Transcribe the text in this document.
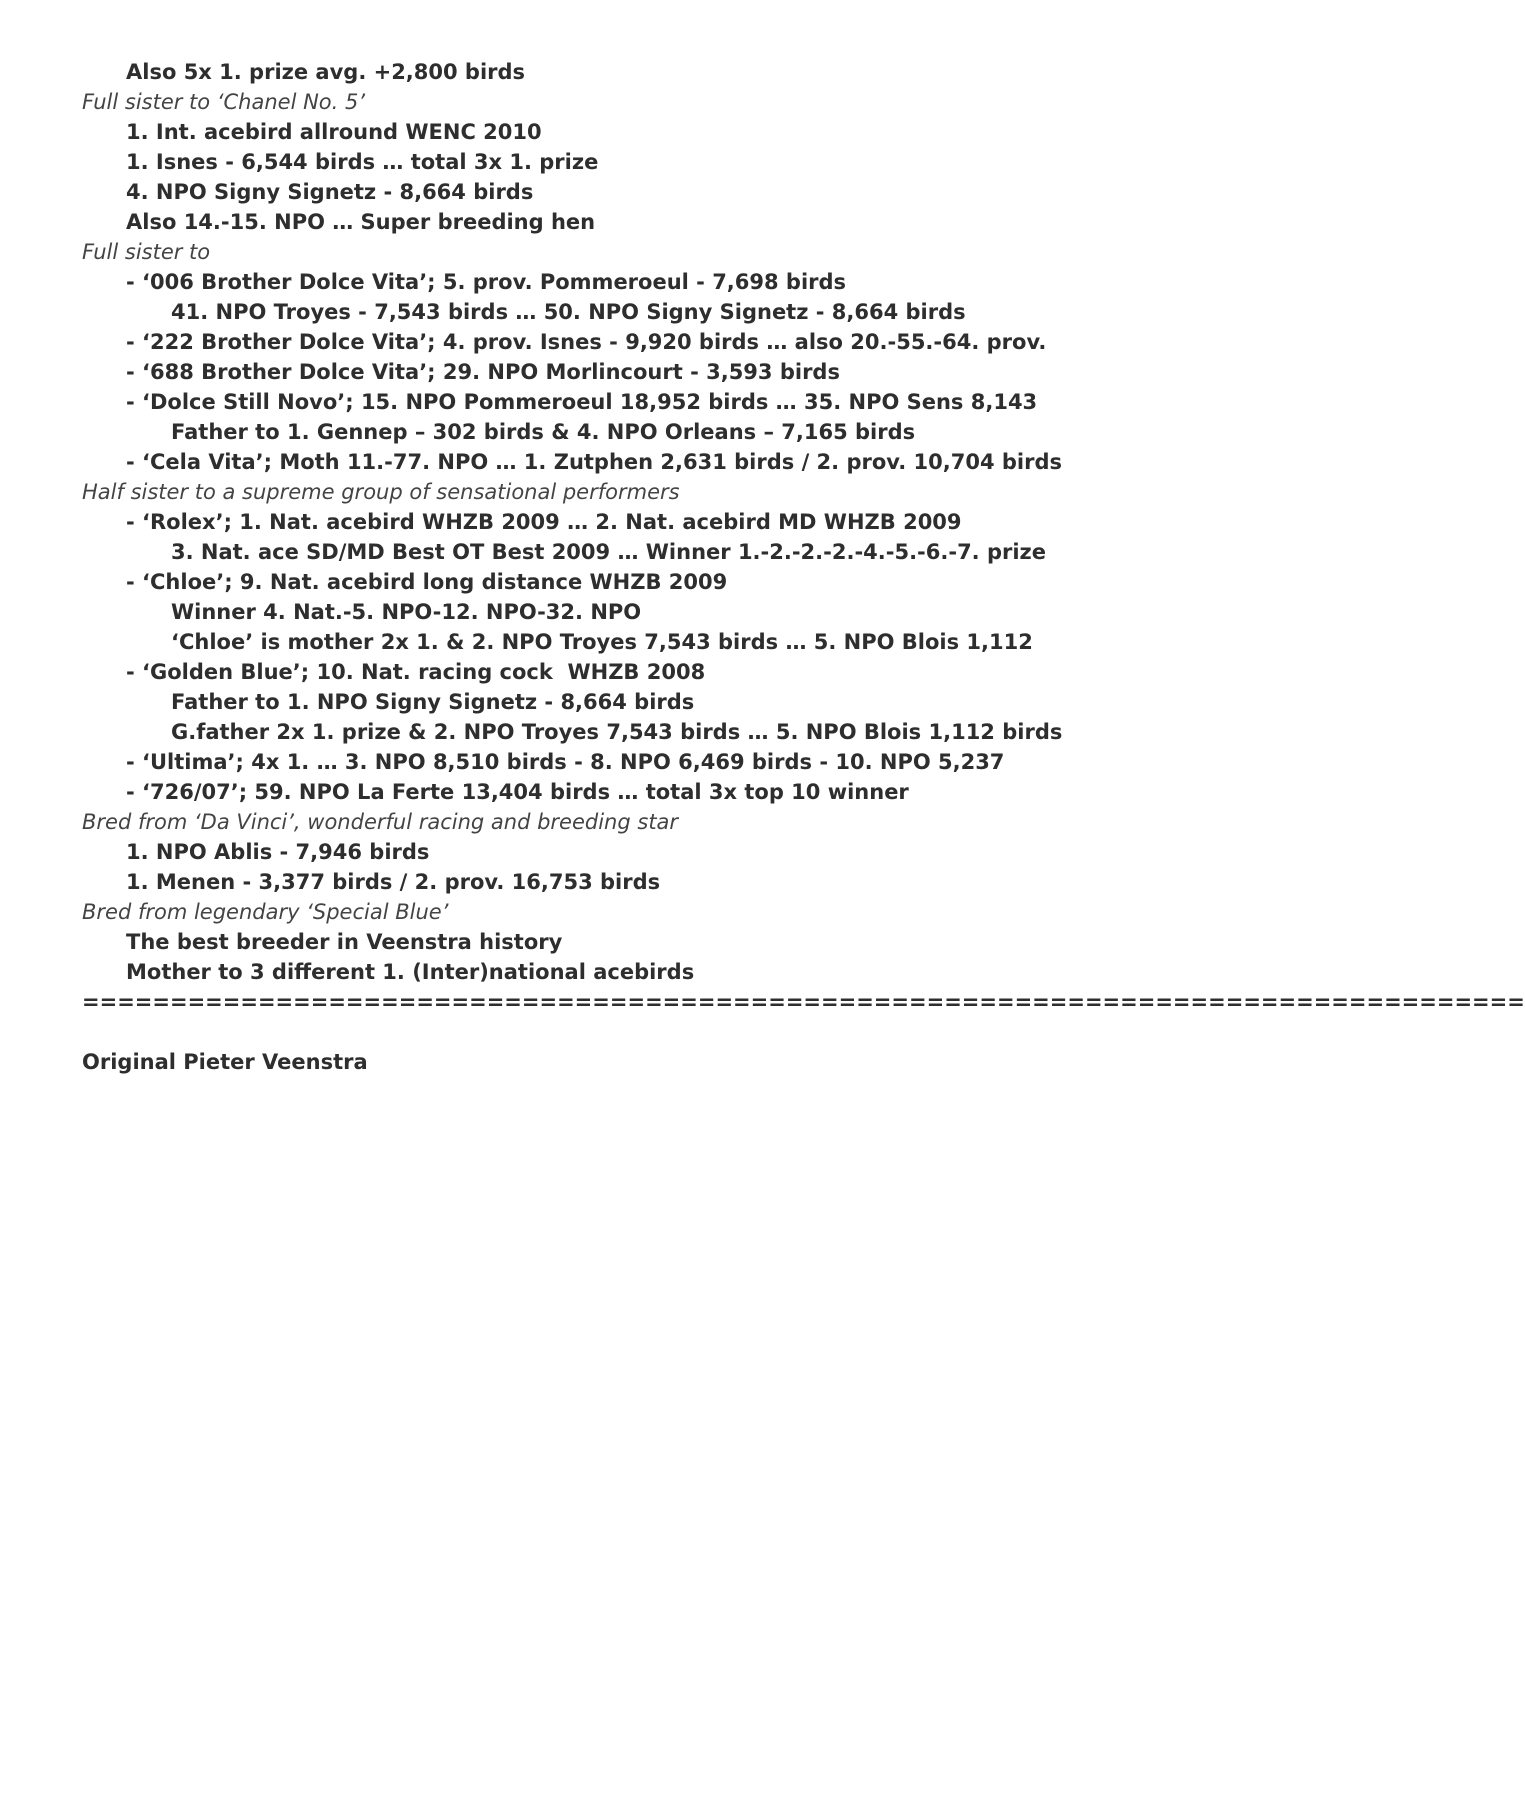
Also 5x 1. prize avg. +2,800 birds
Full sister to ‘Chanel No. 5’
1. Int. acebird allround WENC 2010
1. Isnes - 6,544 birds … total 3x 1. prize
4. NPO Signy Signetz - 8,664 birds
Also 14.-15. NPO … Super breeding hen
Full sister to
- ‘006 Brother Dolce Vita’; 5. prov. Pommeroeul - 7,698 birds
41. NPO Troyes - 7,543 birds … 50. NPO Signy Signetz - 8,664 birds
- ‘222 Brother Dolce Vita’; 4. prov. Isnes - 9,920 birds … also 20.-55.-64. prov.
- ‘688 Brother Dolce Vita’; 29. NPO Morlincourt - 3,593 birds
- ‘Dolce Still Novo’; 15. NPO Pommeroeul 18,952 birds … 35. NPO Sens 8,143
Father to 1. Gennep – 302 birds & 4. NPO Orleans – 7,165 birds
- ‘Cela Vita’; Moth 11.-77. NPO … 1. Zutphen 2,631 birds / 2. prov. 10,704 birds
Half sister to a supreme group of sensational performers
- ‘Rolex’; 1. Nat. acebird WHZB 2009 … 2. Nat. acebird MD WHZB 2009
3. Nat. ace SD/MD Best OT Best 2009 … Winner 1.-2.-2.-2.-4.-5.-6.-7. prize
- ‘Chloe’; 9. Nat. acebird long distance WHZB 2009
Winner 4. Nat.-5. NPO-12. NPO-32. NPO
‘Chloe’ is mother 2x 1. & 2. NPO Troyes 7,543 birds … 5. NPO Blois 1,112
- ‘Golden Blue’; 10. Nat. racing cock  WHZB 2008
Father to 1. NPO Signy Signetz - 8,664 birds
G.father 2x 1. prize & 2. NPO Troyes 7,543 birds … 5. NPO Blois 1,112 birds
- ‘Ultima’; 4x 1. … 3. NPO 8,510 birds - 8. NPO 6,469 birds - 10. NPO 5,237
- ‘726/07’; 59. NPO La Ferte 13,404 birds … total 3x top 10 winner
Bred from ‘Da Vinci’, wonderful racing and breeding star
1. NPO Ablis - 7,946 birds
1. Menen - 3,377 birds / 2. prov. 16,753 birds
Bred from legendary ‘Special Blue’
The best breeder in Veenstra history
Mother to 3 different 1. (Inter)national acebirds
==================================================================================
Original Pieter Veenstra
